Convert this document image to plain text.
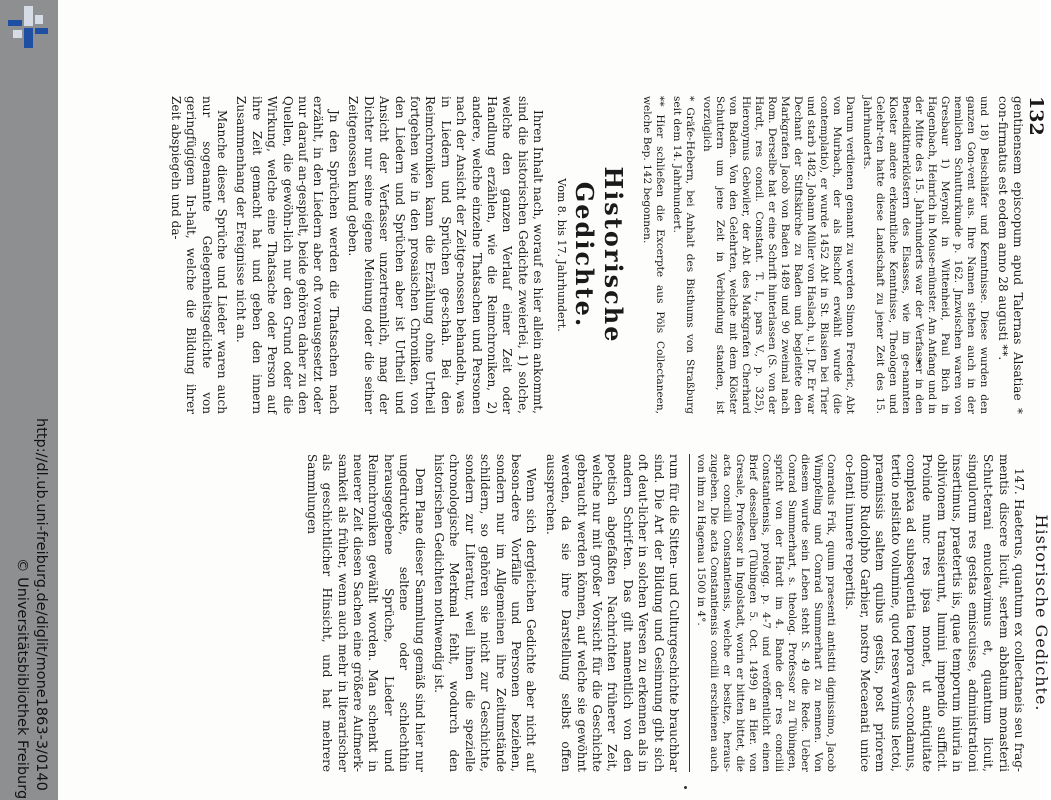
http://dl.ub.uni-freiburg.de/diglit/mone1863-3/0140
© Universitätsbibliothek Freiburg
132

gentinensem episcopum apud Talernas Alsatiae * con-firmatus est eodem anno 28 augusti **.

und 18) Beischläfer und Kenntnisse. Diese wurden den ganzen Gon-vent aus. Ihre Namen stehen auch in der nemlichen Schutturkunde p. 162. Jnzwischen waren von Gresbaur 1) Meynolt in Wittenheid, Paul Bich in Hagenbach, Heinrich in Mouse-münster. Am Anfang und in der Mitte des 15. Jahrhunderts war der Verfasser in den Benediktinerklöstern des Elsasses, wie im ge-nannten Kloster andere erkenntliche Kenntnisse, Theologen und Gelehr-ten hatte diese Landschaft zu jener Zeit des 15. Jahrhunderts.

Darum verdienen genannt zu werden Simon Frederic, Abt von Murbach, der als Bischof erwählt wurde (die contemplatio), er wurde 1452 Abt in St. Blasien bei Trier und starb 1482. Johann Müller von Haslach, u. j. Dr. Er war Dechant der Stiftskirche zu Baden und begleitete den Markgrafen Jacob von Baden 1489 und 90 zweimal nach Rom. Derselbe hat er eine Schrift hinterlassen (S. von der Hardt, res concil. Constant. T. I., pars V., p. 325), Hieronymus Gebwiler, der Abt des Markgrafen Cherhard von Baden. Von den Gelehrten, welche mit dem Klöster Schuttern um jene Zeit in Verbindung standen, ist vorzüglich

* Gräfe-Hebern, bei Anhalt des Bisthums von Straßburg seit dem 14. Jahrhundert.

** Hier schließen die Excerpte aus Pöls Collectaneen, welche Bep. 142 begonnen.

Historische Gedichte.
Vom 8. bis 17. Jahrhundert.

Ihren Inhalt nach, worauf es hier allein ankommt, sind die historischen Gedichte zweierlei, 1) solche, welche den ganzen Verlauf einer Zeit oder Handlung erzählen, wie die Reimchroniken, 2) andere, welche einzelne Thatsachen und Personen nach der Ansicht der Zeitge-nossen behandeln, was in Liedern und Sprüchen ge-schah. Bei den Reimchroniken kann die Erzählung ohne Urtheil fortgehen wie in den prosaischen Chroniken, von den Liedern und Sprüchen aber ist Urtheil und Ansicht der Verfasser unzertrennlich, mag der Dichter nur seine eigene Meinung oder die seiner Zeitgenossen kund geben.

Jn den Sprüchen werden die Thatsachen nach erzählt, in den Liedern aber oft vorausgesetzt oder nur darauf an-gespielt, beide gehören daher zu den Quellen, die gewöhn-lich nur den Grund oder die Wirkung, welche eine Thatsache oder Person auf ihre Zeit gemacht hat und geben den innern Zusammenhang der Ereignisse nicht an.

Manche dieser Sprüche und Lieder waren auch nur sogenannte Gelegenheitsgedichte von geringfügigem In-halt, welche die Bildung ihrer Zeit abspiegeln und da-

Historische Gedichte.

147. Haeterus, quantum ex collectaneis seu frag-mentis discere licuit, sertem abbatum monasterii Schut-terani enucleavimus et, quantum licuit, singulorum res gestas emiscuisse, administrationi insertimus, praetertis iis, quae temporum iniuria in oblivionem transierunt, lumini impendio sufficit. Proinde nunc res ipsa monet, ut antiquitate complexa ad subsequentia tempora des-condamus, tertio nelsitato volumine, quod reservavimus lectoi, praemissis saltem quibus gestis, post priorem domino Rudolpho Garbier, nostro Mecaenati unice co-lenti inunere reperitis.

Conradus Frik, quum praesenti antistiti dignissimo, Jacob Wimpfeling und Conrad Summerhart zu nennen. Von diesem wurde sein Leben steht S. 49 die Rede. Ueber Conrad Summerhart, s. theolog. Professor zu Tübingen, spricht von der Hardt im 4. Bande der res concilii Constantiensis, prolegg. p. 4-7 und veröffentlicht einen Brief desselben (Tübingen 5. Oct. 1499) an Hier. von Gresale, Professor in Ingolstadt, worin er bitten bittet, die acta concilii Constantiensis, welche er besitze, heraus-zugeben. Die acta Constantiensis concilii erschienen auch von ihm zu Hagenau 1500 in 4°.

rum für die Sitten- und Culturgeschichte brauchbar sind. Die Art der Bildung und Gesinnung gibt sich oft deut-licher in solchen Versen zu erkennen als in andern Schrif-ten. Das gilt namentlich von den poetisch abgefaßten Nachrichten früherer Zeit, welche nur mit großer Vorsicht für die Geschichte gebraucht werden können, auf welche sie gewöhnt werden, da sie ihre Darstellung selbst offen aussprechen.

Wenn sich dergleichen Gedichte aber nicht auf beson-dere Vorfälle und Personen beziehen, sondern nur im Allgemeinen ihre Zeitumstände schildern, so gehören sie nicht zur Geschichte, sondern zur Literatur, weil ihnen die spezielle chronologische Merkmal fehlt, wodurch den historischen Gedichten nothwendig ist.

Dem Plane dieser Sammlung gemäß sind hier nur ungedruckte, seltene oder schlechthin herausgegebene Sprüche, Lieder und Reimchroniken gewählt worden. Man schenkt in neuerer Zeit diesen Sachen eine größere Aufmerk-samkeit als früher, wenn auch mehr in literarischer als geschichtlicher Hinsicht, und hat mehrere Sammlungen
